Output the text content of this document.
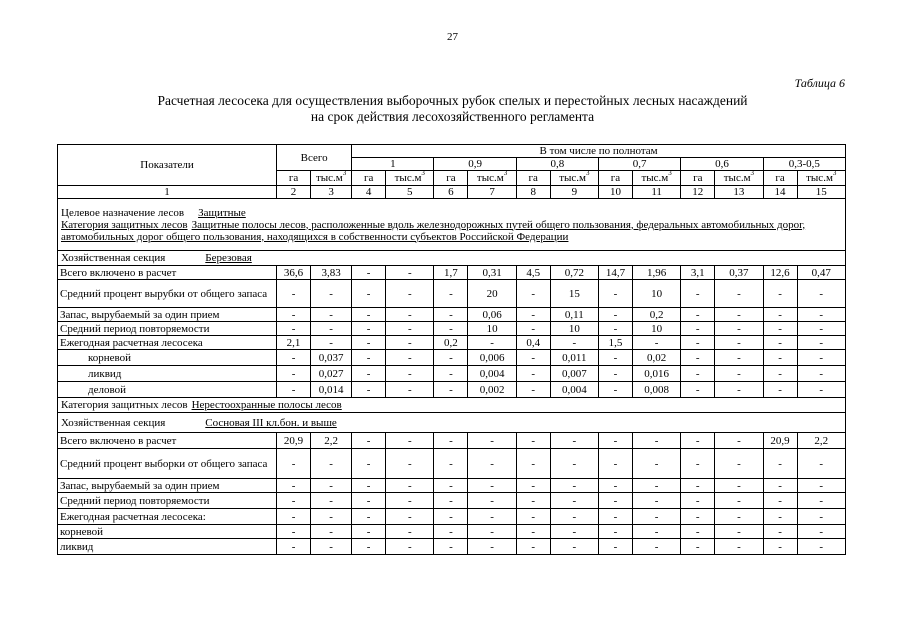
27
Таблица 6
Расчетная лесосека для осуществления выборочных рубок спелых и перестойных лесных насаждений
на срок действия лесохозяйственного регламента
Показатели	Всего		В том числе по полнотам											
			1		0,9		0,8		0,7		0,6		0,3-0,5	
	га	$тыс.м^3$	га	$тыс.м^3$	га	$тыс.м^3$	га	$тыс.м^3$	га	$тыс.м^3$	га	$тыс.м^3$	га	$тыс.м^3$
1	2	3	4	5	6	7	8	9	10	11	12	13	14	15

Целевое назначение лесов Защитные
Категория защитных лесов Защитные полосы лесов, расположенные вдоль железнодорожных путей общего пользования, федеральных автомобильных дорог, автомобильных дорог общего пользования, находящихся в собственности субъектов Российской Федерации														

Хозяйственная секция Березовая														
Всего включено в расчет	36,6	3,83	-	-	1,7	0,31	4,5	0,72	14,7	1,96	3,1	0,37	12,6	0,47
Средний процент вырубки от общего запаса	-	-	-	-	-	20	-	15	-	10	-	-	-	-
Запас, вырубаемый за один прием	-	-	-	-	-	0,06	-	0,11	-	0,2	-	-	-	-
Средний период повторяемости	-	-	-	-	-	10	-	10	-	10	-	-	-	-
Ежегодная расчетная лесосека	2,1	-	-	-	0,2	-	0,4	-	1,5	-	-	-	-	-
корневой	-	0,037	-	-	-	0,006	-	0,011	-	0,02	-	-	-	-
ликвид	-	0,027	-	-	-	0,004	-	0,007	-	0,016	-	-	-	-
деловой	-	0,014	-	-	-	0,002	-	0,004	-	0,008	-	-	-	-
Категория защитных лесов Нерестоохранные полосы лесов														
Хозяйственная секция Сосновая III кл.бон. и выше														
Всего включено в расчет	20,9	2,2	-	-	-	-	-	-	-	-	-	-	20,9	2,2
Средний процент выборки от общего запаса	-	-	-	-	-	-	-	-	-	-	-	-	-	-
Запас, вырубаемый за один прием	-	-	-	-	-	-	-	-	-	-	-	-	-	-
Средний период повторяемости	-	-	-	-	-	-	-	-	-	-	-	-	-	-
Ежегодная расчетная лесосека:	-	-	-	-	-	-	-	-	-	-	-	-	-	-
корневой	-	-	-	-	-	-	-	-	-	-	-	-	-	-
ликвид	-	-	-	-	-	-	-	-	-	-	-	-	-	-
